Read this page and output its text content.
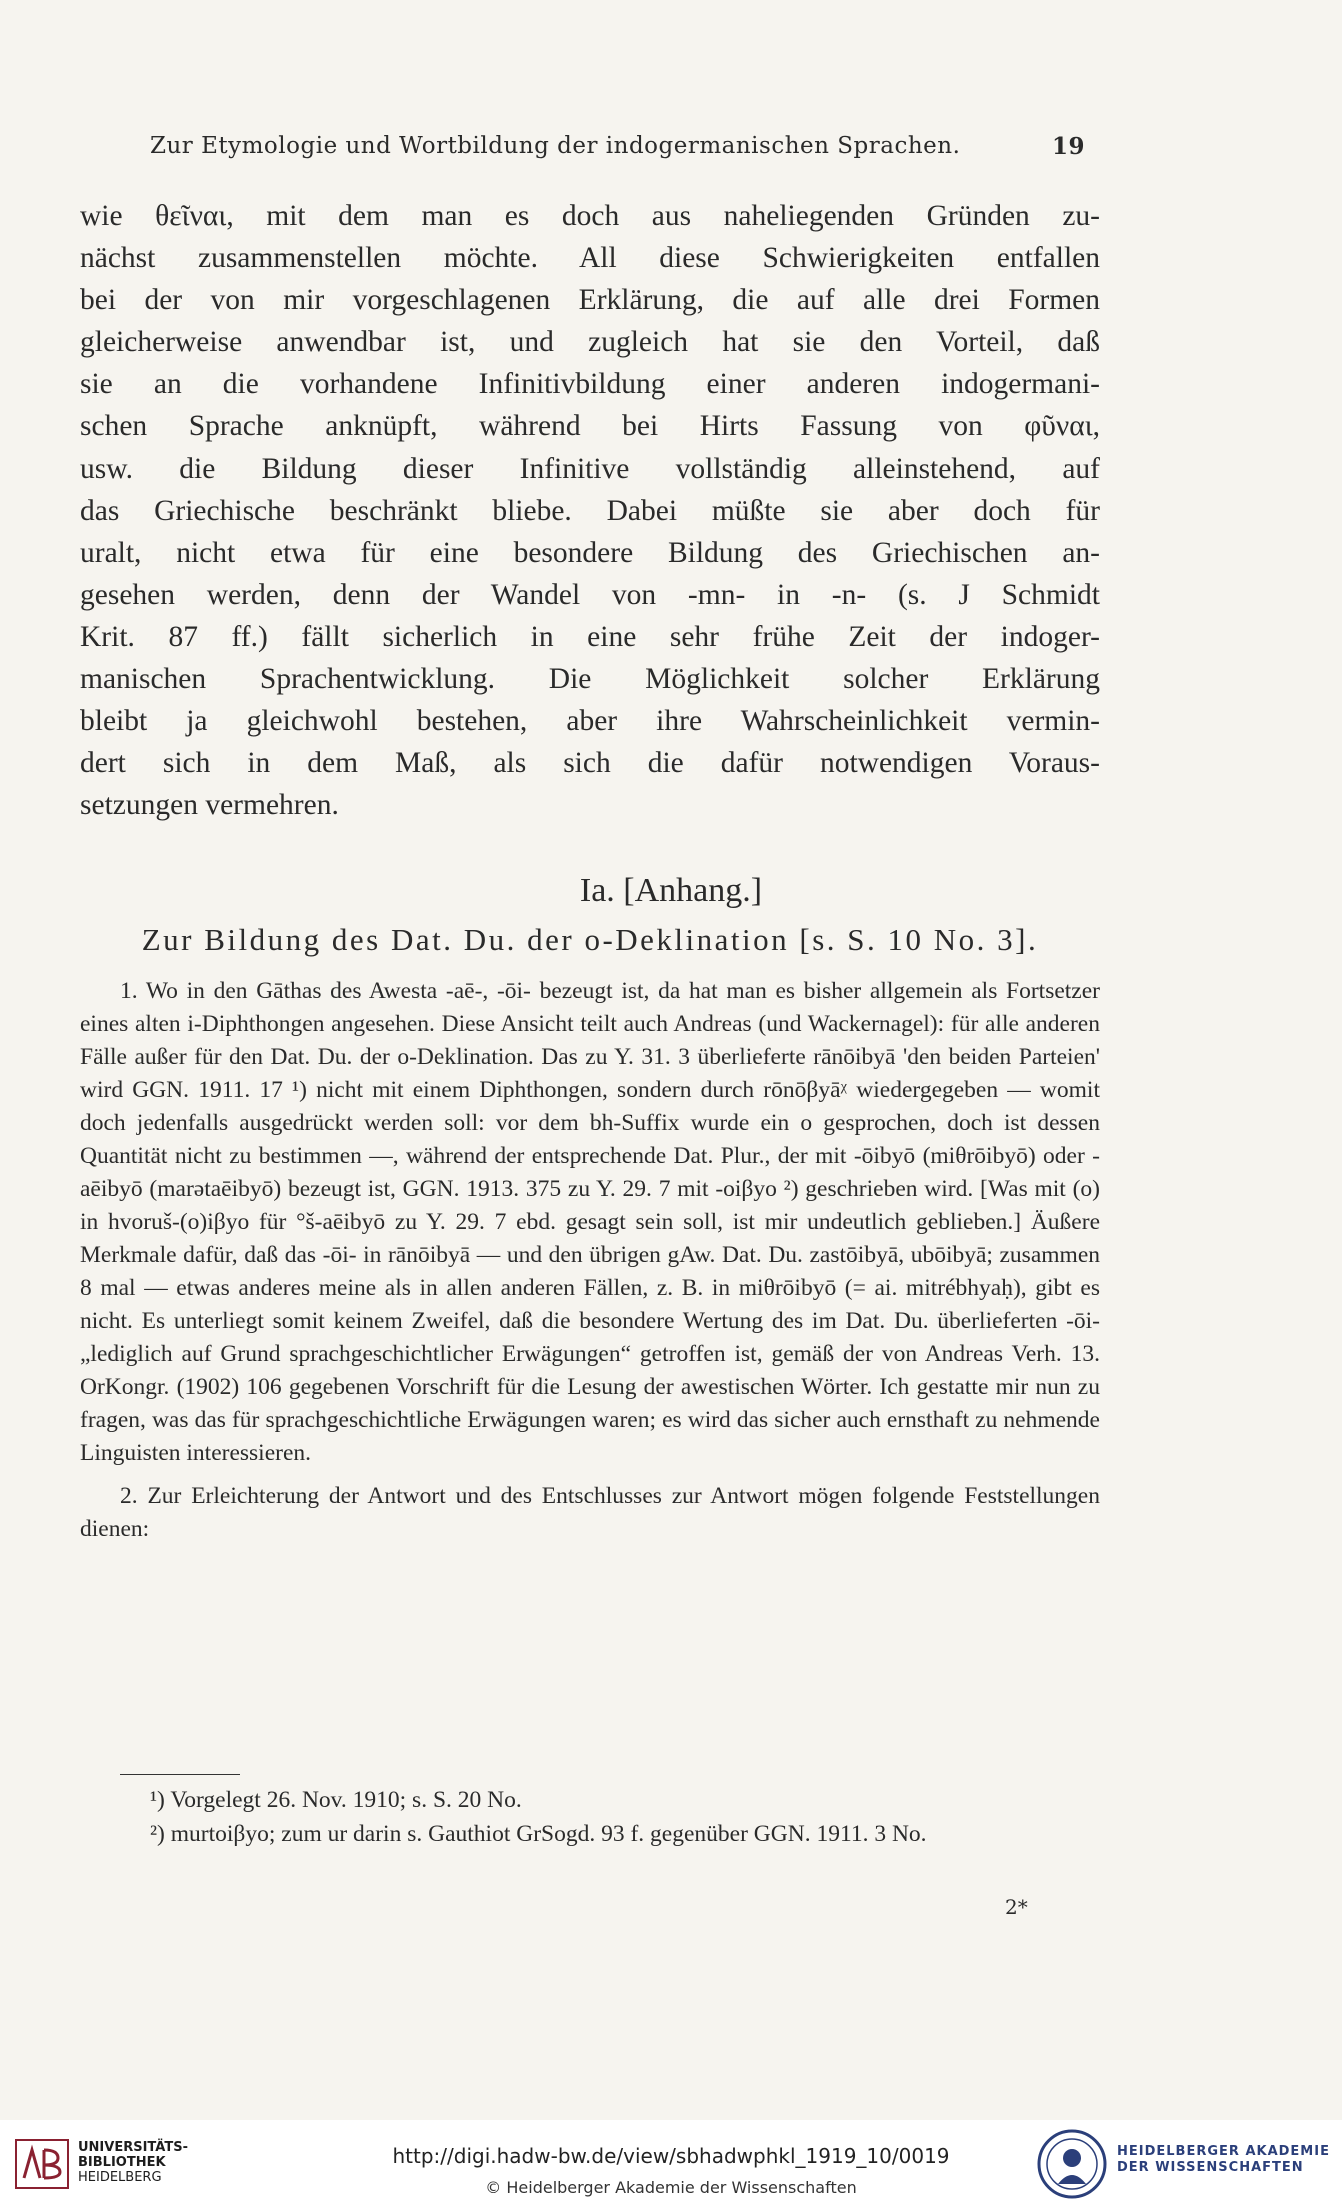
Zur Etymologie und Wortbildung der indogermanischen Sprachen.	19
wie θεῖναι, mit dem man es doch aus naheliegenden Gründen zu-
nächst zusammenstellen möchte. All diese Schwierigkeiten entfallen
bei der von mir vorgeschlagenen Erklärung, die auf alle drei Formen
gleicherweise anwendbar ist, und zugleich hat sie den Vorteil, daß
sie an die vorhandene Infinitivbildung einer anderen indogermani-
schen Sprache anknüpft, während bei Hirts Fassung von φῦναι,
usw. die Bildung dieser Infinitive vollständig alleinstehend, auf
das Griechische beschränkt bliebe. Dabei müßte sie aber doch für
uralt, nicht etwa für eine besondere Bildung des Griechischen an-
gesehen werden, denn der Wandel von -mn- in -n- (s. J Schmidt
Krit. 87 ff.) fällt sicherlich in eine sehr frühe Zeit der indoger-
manischen Sprachentwicklung. Die Möglichkeit solcher Erklärung
bleibt ja gleichwohl bestehen, aber ihre Wahrscheinlichkeit vermin-
dert sich in dem Maß, als sich die dafür notwendigen Voraus-
setzungen vermehren.
Ia. [Anhang.]
Zur Bildung des Dat. Du. der o-Deklination [s. S. 10 No. 3].

1. Wo in den Gāthas des Awesta -aē-, -ōi- bezeugt ist, da hat man es bisher allgemein als Fortsetzer eines alten i-Diphthongen angesehen. Diese Ansicht teilt auch Andreas (und Wackernagel): für alle anderen Fälle außer für den Dat. Du. der o-Deklination. Das zu Y. 31. 3 überlieferte rānōibyā 'den beiden Parteien' wird GGN. 1911. 17 ¹) nicht mit einem Diphthongen, sondern durch rōnōβyāᵡ wiedergegeben — womit doch jedenfalls ausgedrückt werden soll: vor dem bh-Suffix wurde ein o gesprochen, doch ist dessen Quantität nicht zu bestimmen —, während der entsprechende Dat. Plur., der mit -ōibyō (miθrōibyō) oder -aēibyō (marətaēibyō) bezeugt ist, GGN. 1913. 375 zu Y. 29. 7 mit -oiβyo ²) geschrieben wird. [Was mit (o) in hvoruš-(o)iβyo für °š-aēibyō zu Y. 29. 7 ebd. gesagt sein soll, ist mir undeutlich geblieben.] Äußere Merkmale dafür, daß das -ōi- in rānōibyā — und den übrigen gAw. Dat. Du. zastōibyā, ubōibyā; zusammen 8 mal — etwas anderes meine als in allen anderen Fällen, z. B. in miθrōibyō (= ai. mitrébhyaḥ), gibt es nicht. Es unterliegt somit keinem Zweifel, daß die besondere Wertung des im Dat. Du. überlieferten -ōi- „lediglich auf Grund sprachgeschichtlicher Erwägungen“ getroffen ist, gemäß der von Andreas Verh. 13. OrKongr. (1902) 106 gegebenen Vorschrift für die Lesung der awestischen Wörter. Ich gestatte mir nun zu fragen, was das für sprachgeschichtliche Erwägungen waren; es wird das sicher auch ernsthaft zu nehmende Linguisten interessieren.

2. Zur Erleichterung der Antwort und des Entschlusses zur Antwort mögen folgende Feststellungen dienen:

¹) Vorgelegt 26. Nov. 1910; s. S. 20 No.

²) murtoiβyo; zum ur darin s. Gauthiot GrSogd. 93 f. gegenüber GGN. 1911. 3 No.

2*
UNIVERSITÄTS-
BIBLIOTHEK
HEIDELBERG
http://digi.hadw-bw.de/view/sbhadwphkl_1919_10/0019
© Heidelberger Akademie der Wissenschaften
HEIDELBERGER AKADEMIE
DER WISSENSCHAFTEN
